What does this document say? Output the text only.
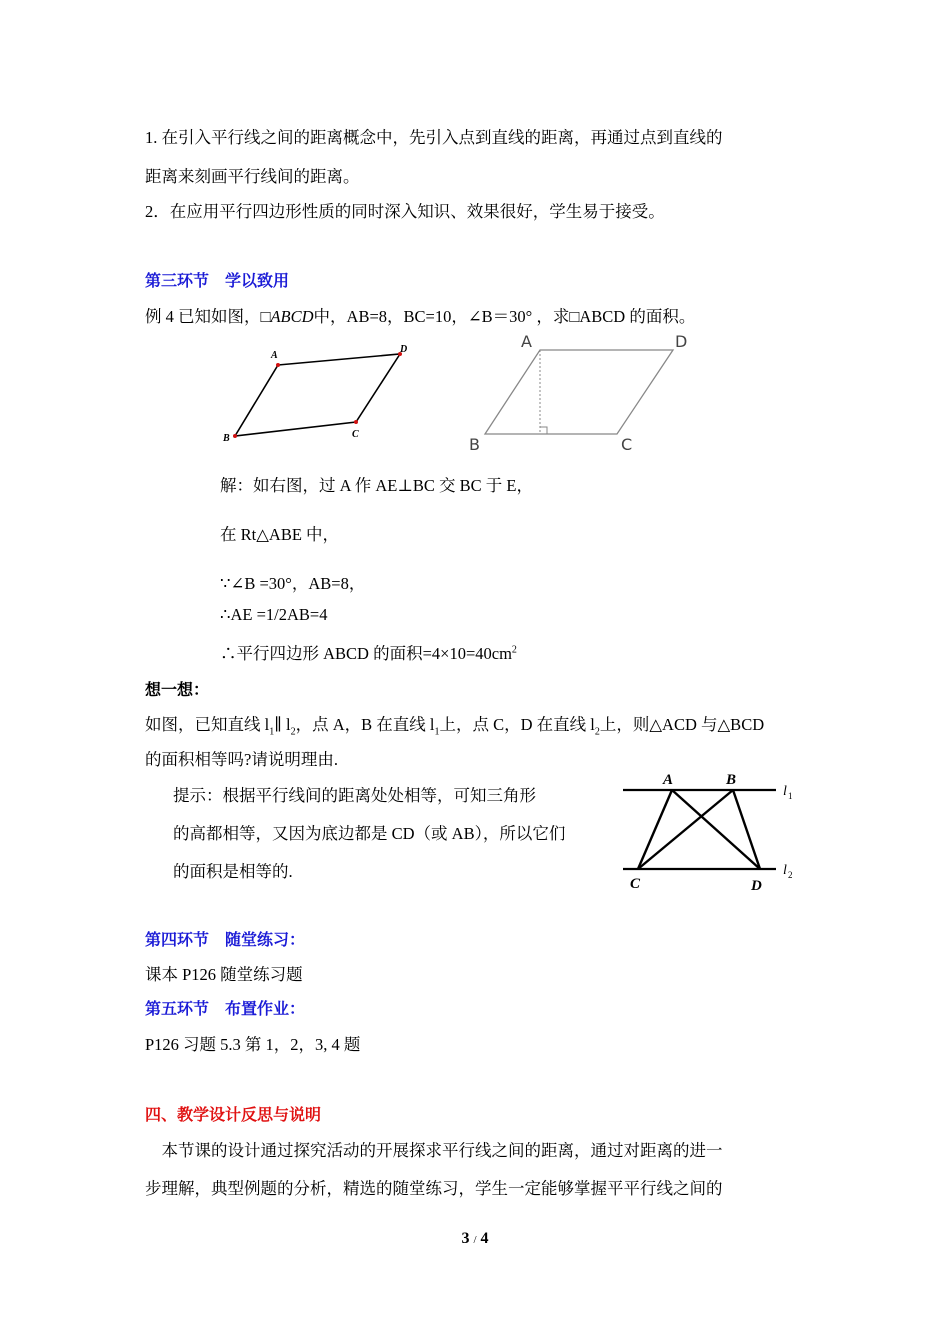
1. 在引入平行线之间的距离概念中，先引入点到直线的距离，再通过点到直线的
距离来刻画平行线间的距离。
2．在应用平行四边形性质的同时深入知识、效果很好，学生易于接受。
第三环节　学以致用
例 4 已知如图，□ABCD中，AB=8，BC=10，∠B＝30° ，求□ABCD 的面积。
A
D
C
B
A	D
B	C
解：如右图，过 A 作 AE⊥BC 交 BC 于 E，
在 Rt△ABE 中，
∵∠B =30°，AB=8，
∴AE =1/2AB=4
∴平行四边形 ABCD 的面积$=4\times 10=40cm^2$
想一想：
如图，已知直线 $l_1\parallel$ $l_2$，点 A，B 在直线 $l_1$上，点 C，D 在直线 $l_2$上，则△ACD 与△BCD
的面积相等吗?请说明理由.
提示：根据平行线间的距离处处相等，可知三角形
的高都相等，又因为底边都是 CD（或 AB），所以它们
的面积是相等的.
A	B
C	D
l 1
l 2
第四环节　随堂练习：
课本 P126 随堂练习题
第五环节　布置作业：
P126 习题 5.3 第 1，2，3, 4 题
四、教学设计反思与说明
　本节课的设计通过探究活动的开展探求平行线之间的距离，通过对距离的进一
步理解，典型例题的分析，精选的随堂练习，学生一定能够掌握平平行线之间的
3 / 4
